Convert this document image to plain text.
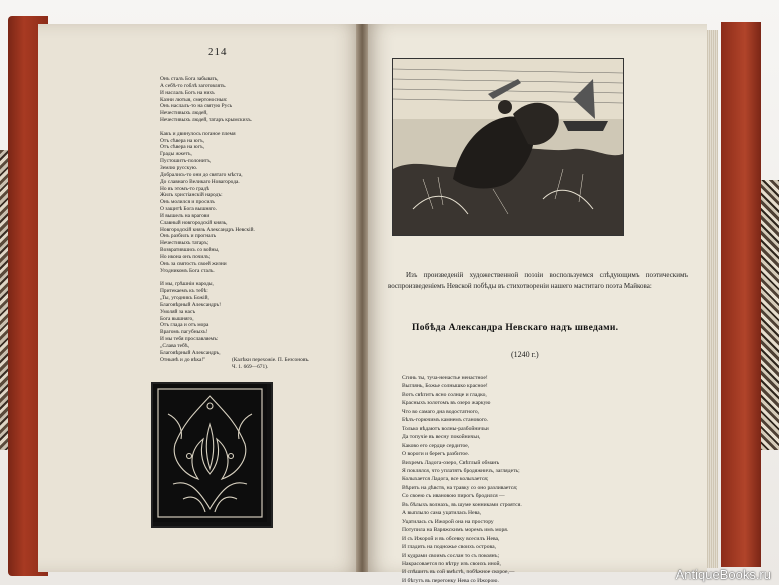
214
Онъ сталъ Бога забывать,
А себѣ-то гоблѣ заготовлять.
И наслалъ Богъ на нихъ
Казни лютыя, смертоносныя:
Онъ наслалъ-то на святую Русь
Нечестивыхъ людей,
Нечестивыхъ людей, татаръ крымскихъ.

Какъ и двинулось поганое племя
Отъ сѣвера на югъ,
Отъ сѣвера на югъ,
Грады жжетъ,
Пустошитъ-полонитъ,
Землю русскую.
Добрались-то они до святаго мѣста,
До славнаго Великаго Новагорода.
Но въ этомъ-то градѣ
Жилъ христіанскій народъ:
Онъ молился и просилъ
О защитѣ Бога вышняго.
И вышелъ на врагови
Славный новгородскій князь,
Новгородскій князь Александръ Невскій.
Онъ разбилъ и прогналъ
Нечестивыхъ татаръ;
Возвратившись со войны,
Но икона онъ почилъ;
Онъ за святость своей жизни
Угодникомъ Бога сталъ.

И мы, грѣшніи народы,
Притекаемъ къ тебѣ:
„Ты, угодникъ Божій,
Благовѣрный Александръ!
Умоляй за насъ
Бога вышняго,
Отъ глада и отъ мора
Врагомъ пагубныхъ!
И мы тебя прославляемъ:
„Слава тебѣ,
Благовѣрный Александръ,
Отнынѣ и до вѣка!"	(Калѣки перехожіе. П. Безсоновъ.
Ч. 1. 669—671).
Изъ произведеній художественной поэзіи воспользуемся слѣдующимъ поэтическимъ воспроизведеніемъ Невской побѣды въ стихотвореніи нашего маститаго поэта Майкова:
Побѣда Александра Невскаго надъ шведами.
(1240 г.)
Сгинь ты, туча-ненастье ненастное!
Выглянь, Божье солнышко красное!
Вотъ свѣтитъ ясно солнце и гладко,
Красныхъ золотомъ въ озеро жаркую
Что во самаго дна водостатного,
Бѣлъ-горючимъ камнемъ станового.
Только вѣдаютъ волны-разбойничьи
Да топучіе въ весну покойничьи,
Каково его сердце сердитое,
О вороги и берегъ разбитое.
Вихремъ Ладога-озеро, Свѣтлый обманъ
Я поклялся, что уплатятъ бродяжничъ, заглядеть;
Колыхается Ладога, все колыхается;
Вѣрить на дѣвств, на травку со оно разливается;
Со своею съ ивановою пирогъ бродился —
Въ бѣлыхъ волнахъ, въ шуме конниками строятся.
А выплыло сама уцатилась Нева,
Уцатилась съ Ижорой она на простору
Потупила на Варяжскимъ моремъ имъ моря.
И съ Ижорой и въ обсевку всесилъ Нева,
И гладить на подножье своихъ острова,
И кудрами своимъ сослан то съ покоянъ;
Накрасовается по вѣтру изъ своихъ иной,
И спѣшитъ въ сой вмѣстѣ, побѣжное скорое,—
И бѣгутъ въ перегонку Нева со Ижорою.	AntiqueBooks.ru
